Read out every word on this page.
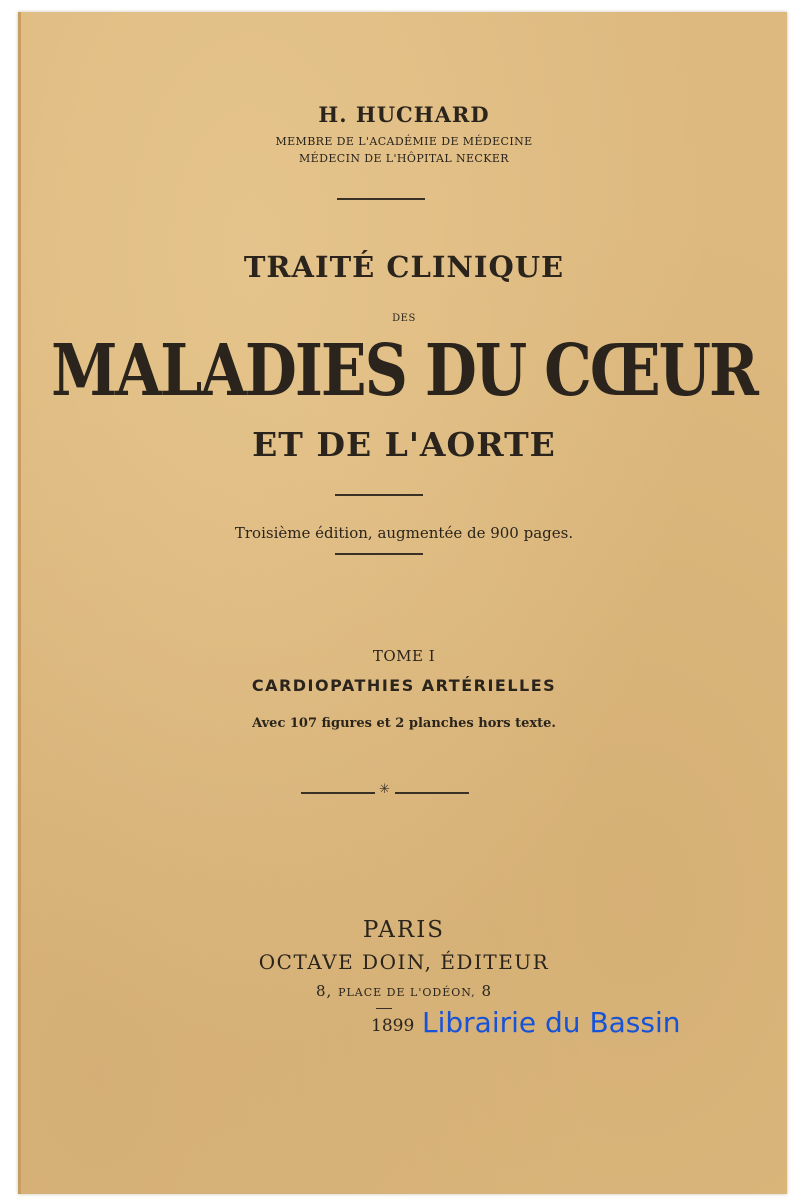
H. HUCHARD
MEMBRE DE L'ACADÉMIE DE MÉDECINE
MÉDECIN DE L'HÔPITAL NECKER
TRAITÉ CLINIQUE
DES
MALADIES DU CŒUR
ET DE L'AORTE
Troisième édition, augmentée de 900 pages.
TOME I
CARDIOPATHIES ARTÉRIELLES
Avec 107 figures et 2 planches hors texte.
✳
PARIS
OCTAVE DOIN, ÉDITEUR
8, PLACE DE L'ODÉON, 8
1899 Librairie du Bassin
